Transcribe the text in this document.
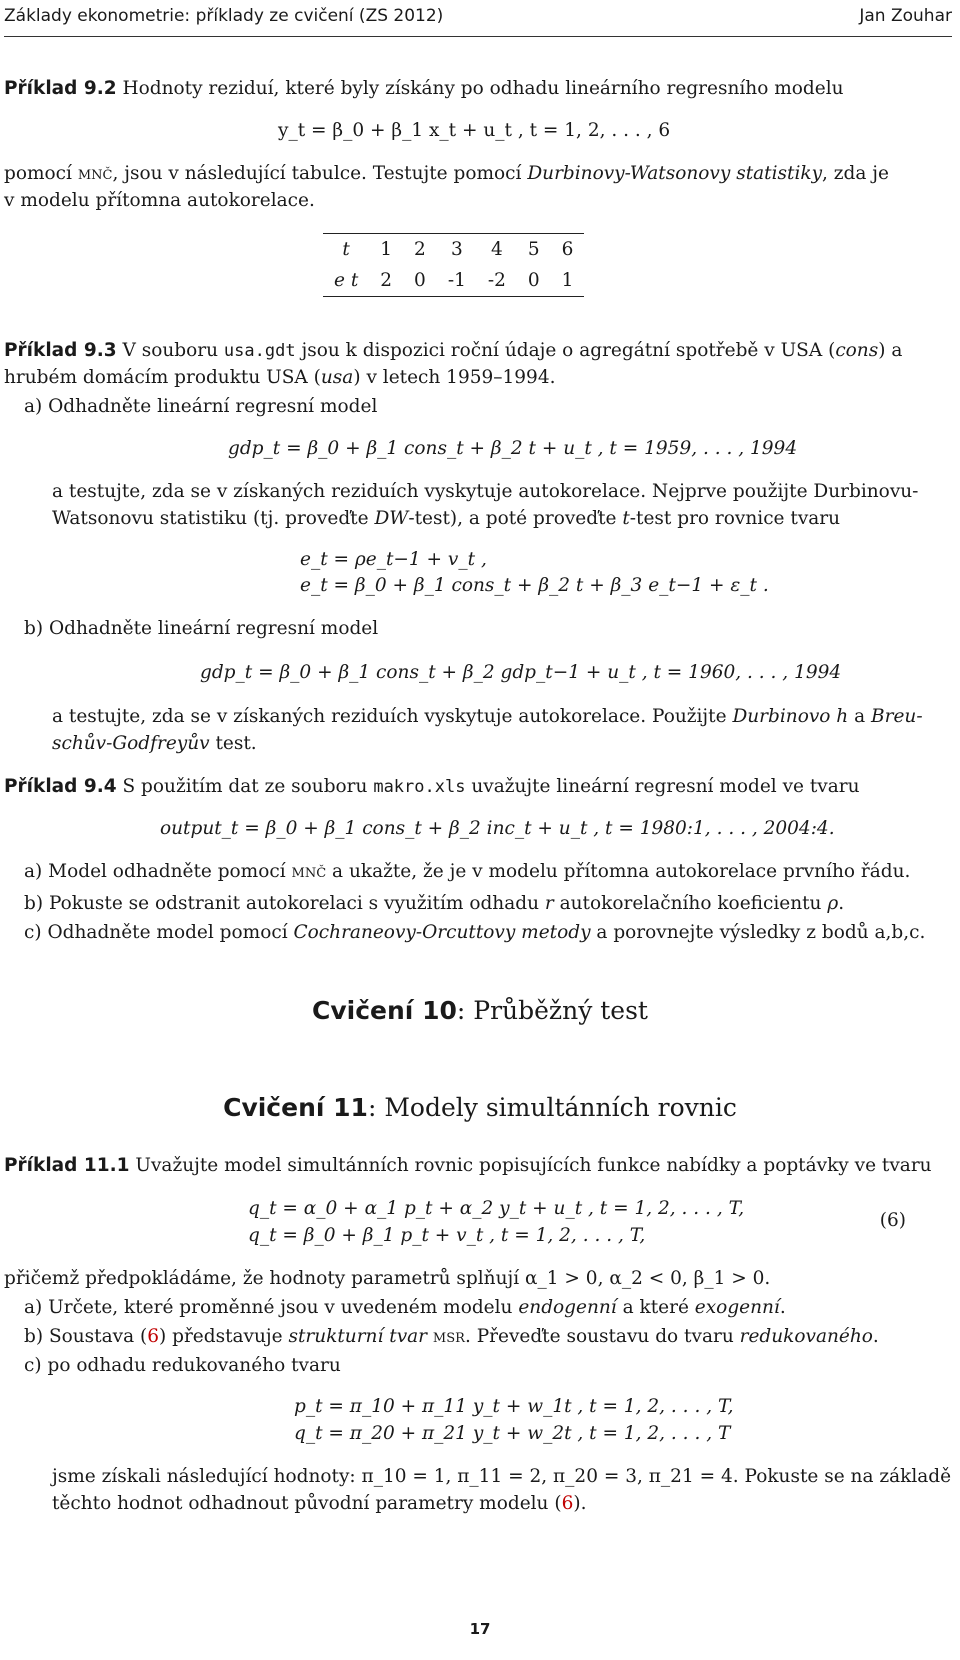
Základy ekonometrie: příklady ze cvičení (ZS 2012)	Jan Zouhar
Příklad 9.2 Hodnoty reziduí, které byly získány po odhadu lineárního regresního modelu
y_t = β_0 + β_1 x_t + u_t , t = 1, 2, . . . , 6
pomocí mnč, jsou v následující tabulce. Testujte pomocí Durbinovy-Watsonovy statistiky, zda je
v modelu přítomna autokorelace.
t	1	2	3	4	5	6
e t	2	0	-1	-2	0	1
Příklad 9.3 V souboru usa.gdt jsou k dispozici roční údaje o agregátní spotřebě v USA (cons) a
hrubém domácím produktu USA (usa) v letech 1959–1994.
a) Odhadněte lineární regresní model
gdp_t = β_0 + β_1 cons_t + β_2 t + u_t , t = 1959, . . . , 1994
a testujte, zda se v získaných reziduích vyskytuje autokorelace. Nejprve použijte Durbinovu-
Watsonovu statistiku (tj. proveďte DW-test), a poté proveďte t-test pro rovnice tvaru
e_t = ρe_t−1 + v_t ,
e_t = β_0 + β_1 cons_t + β_2 t + β_3 e_t−1 + ε_t .
b) Odhadněte lineární regresní model
gdp_t = β_0 + β_1 cons_t + β_2 gdp_t−1 + u_t , t = 1960, . . . , 1994
a testujte, zda se v získaných reziduích vyskytuje autokorelace. Použijte Durbinovo h a Breu-
schův-Godfreyův test.
Příklad 9.4 S použitím dat ze souboru makro.xls uvažujte lineární regresní model ve tvaru
output_t = β_0 + β_1 cons_t + β_2 inc_t + u_t , t = 1980:1, . . . , 2004:4.
a) Model odhadněte pomocí mnč a ukažte, že je v modelu přítomna autokorelace prvního řádu.
b) Pokuste se odstranit autokorelaci s využitím odhadu r autokorelačního koeficientu ρ.
c) Odhadněte model pomocí Cochraneovy-Orcuttovy metody a porovnejte výsledky z bodů a,b,c.
Cvičení 10: Průběžný test
Cvičení 11: Modely simultánních rovnic
Příklad 11.1 Uvažujte model simultánních rovnic popisujících funkce nabídky a poptávky ve tvaru
q_t = α_0 + α_1 p_t + α_2 y_t + u_t , t = 1, 2, . . . , T,
q_t = β_0 + β_1 p_t + v_t , t = 1, 2, . . . , T,
(6)
přičemž předpokládáme, že hodnoty parametrů splňují α_1 > 0, α_2 < 0, β_1 > 0.
a) Určete, které proměnné jsou v uvedeném modelu endogenní a které exogenní.
b) Soustava (6) představuje strukturní tvar msr. Převeďte soustavu do tvaru redukovaného.
c) po odhadu redukovaného tvaru
p_t = π_10 + π_11 y_t + w_1t , t = 1, 2, . . . , T,
q_t = π_20 + π_21 y_t + w_2t , t = 1, 2, . . . , T
jsme získali následující hodnoty: π_10 = 1, π_11 = 2, π_20 = 3, π_21 = 4. Pokuste se na základě
těchto hodnot odhadnout původní parametry modelu (6).
17
